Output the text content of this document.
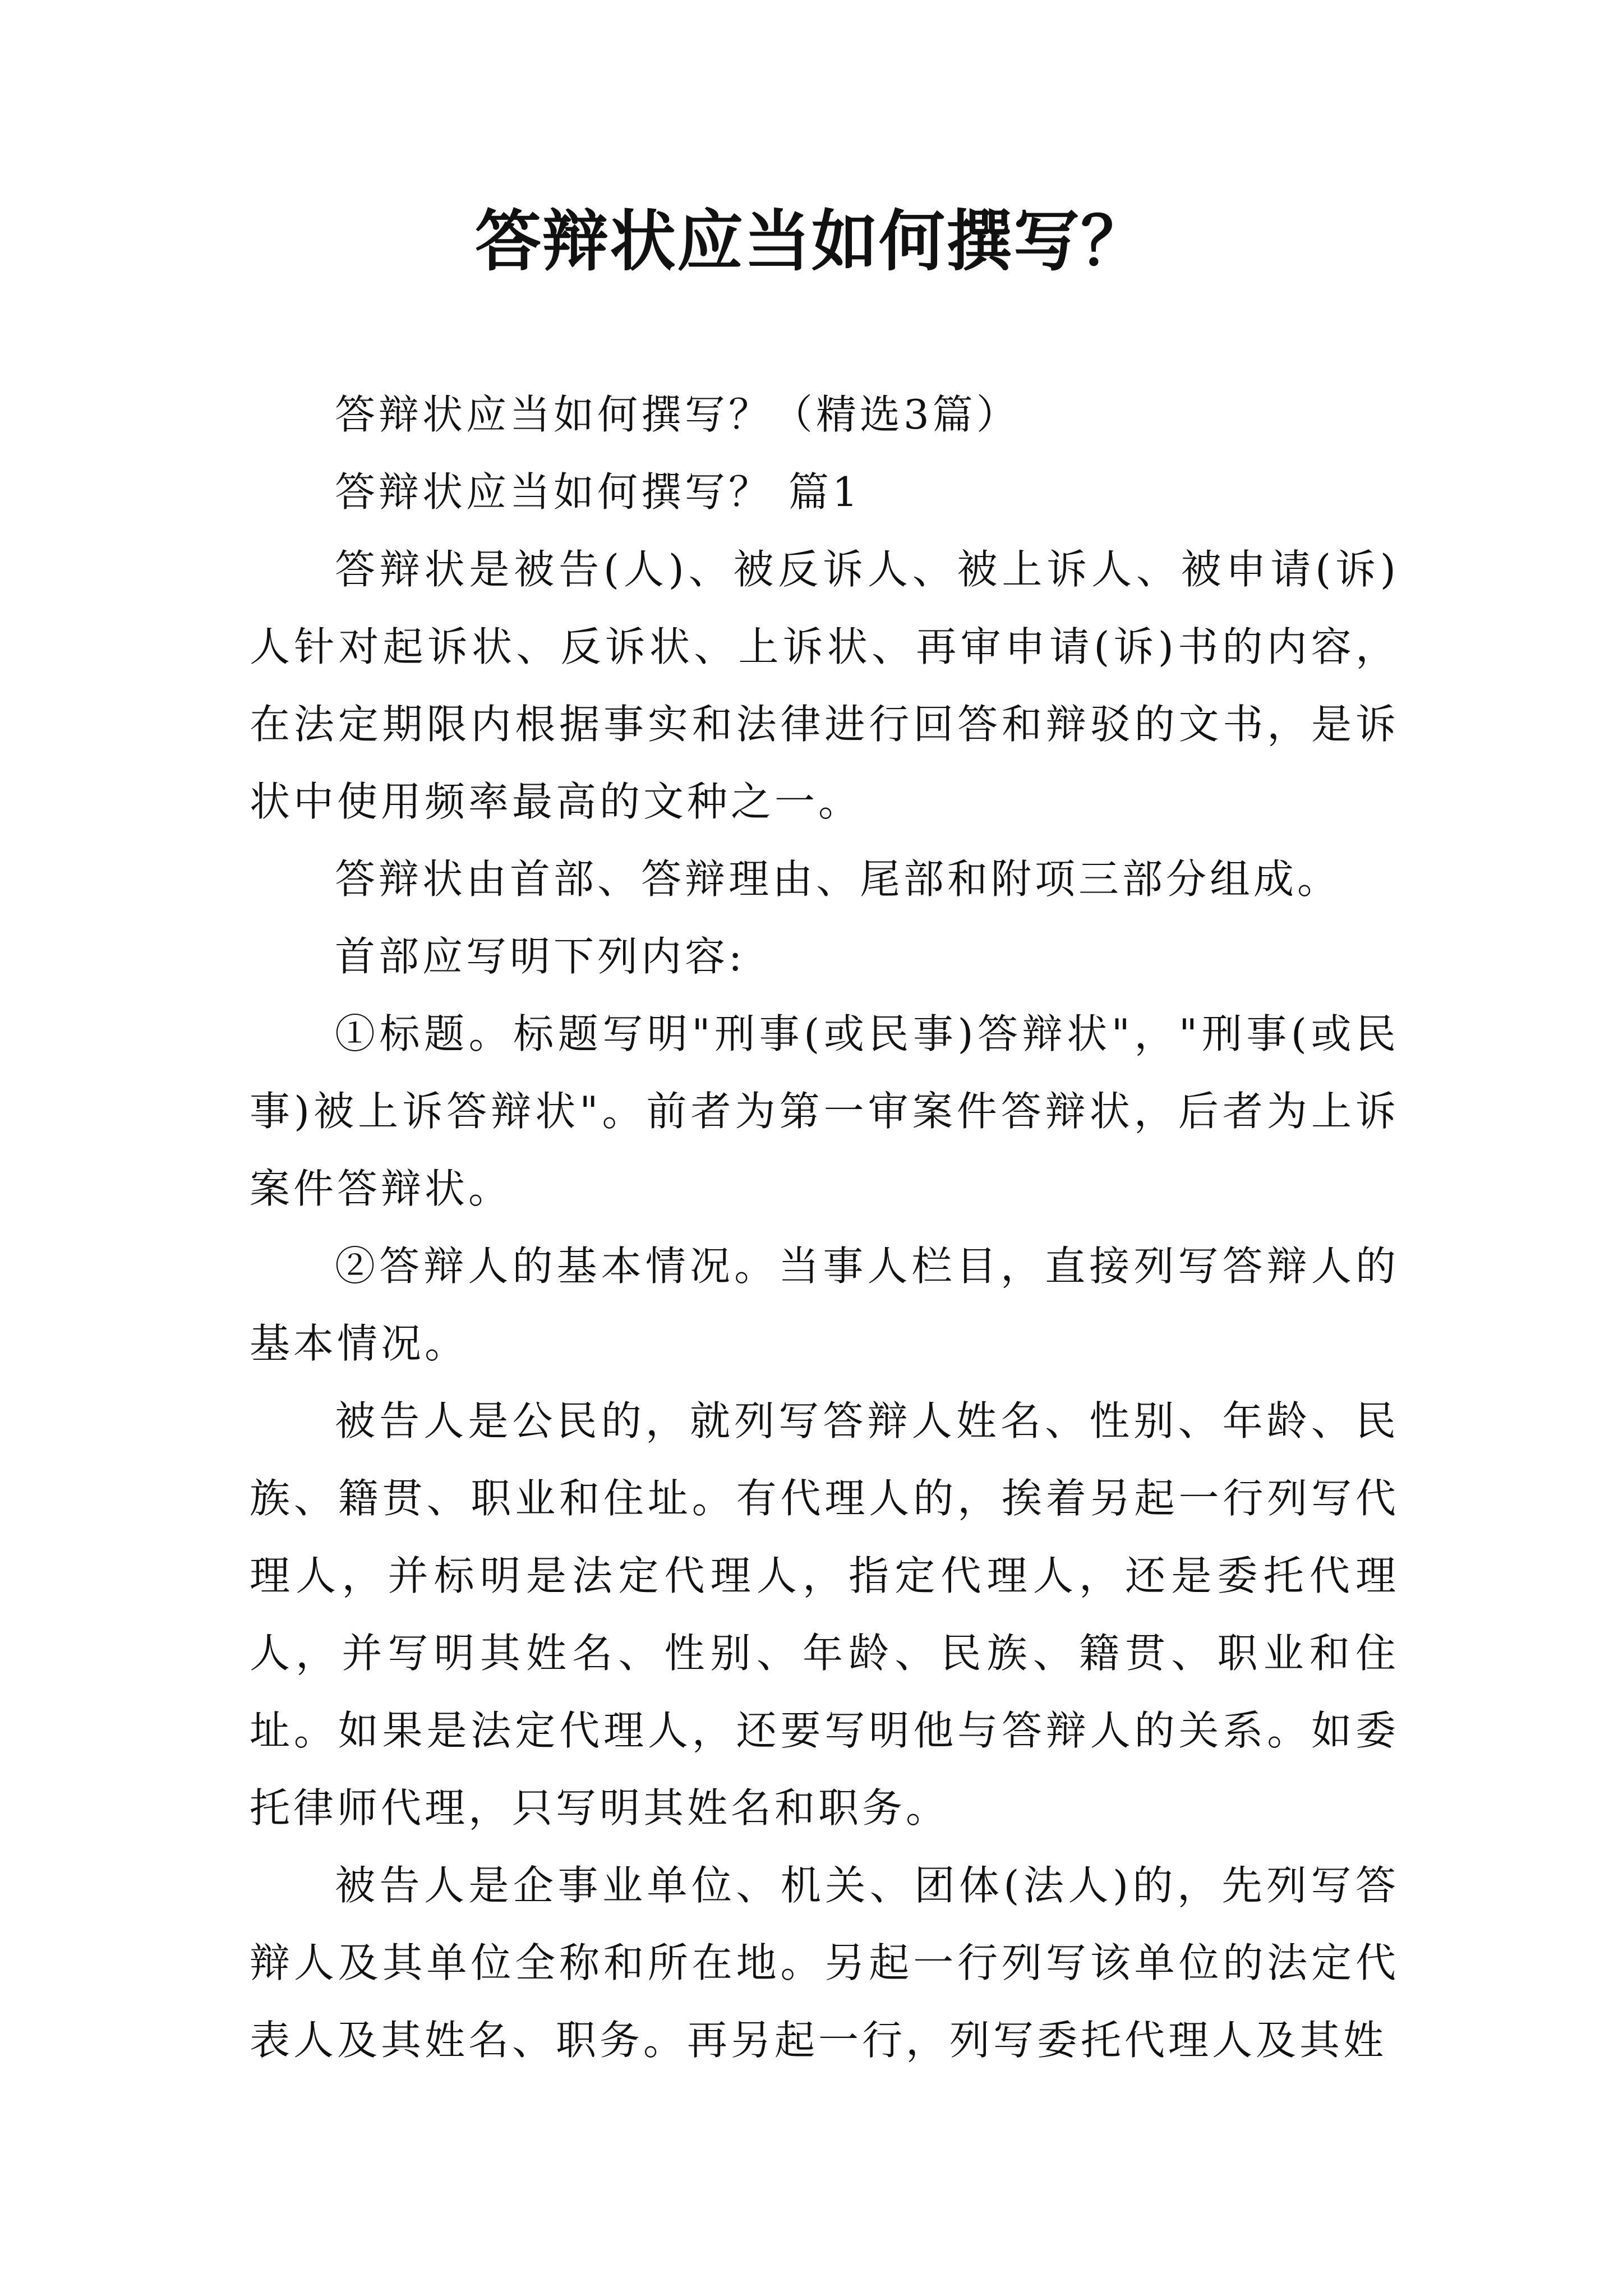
答辩状应当如何撰写？

答辩状应当如何撰写？（精选3篇）

答辩状应当如何撰写？ 篇1

答辩状是被告(人)、被反诉人、被上诉人、被申请(诉)人针对起诉状、反诉状、上诉状、再审申请(诉)书的内容，在法定期限内根据事实和法律进行回答和辩驳的文书，是诉状中使用频率最高的文种之一。

答辩状由首部、答辩理由、尾部和附项三部分组成。

首部应写明下列内容:

①标题。标题写明"刑事(或民事)答辩状"，"刑事(或民事)被上诉答辩状"。前者为第一审案件答辩状，后者为上诉案件答辩状。

②答辩人的基本情况。当事人栏目，直接列写答辩人的基本情况。

被告人是公民的，就列写答辩人姓名、性别、年龄、民族、籍贯、职业和住址。有代理人的，挨着另起一行列写代理人，并标明是法定代理人，指定代理人，还是委托代理人，并写明其姓名、性别、年龄、民族、籍贯、职业和住址。如果是法定代理人，还要写明他与答辩人的关系。如委托律师代理，只写明其姓名和职务。

被告人是企事业单位、机关、团体(法人)的，先列写答辩人及其单位全称和所在地。另起一行列写该单位的法定代表人及其姓名、职务。再另起一行，列写委托代理人及其姓
